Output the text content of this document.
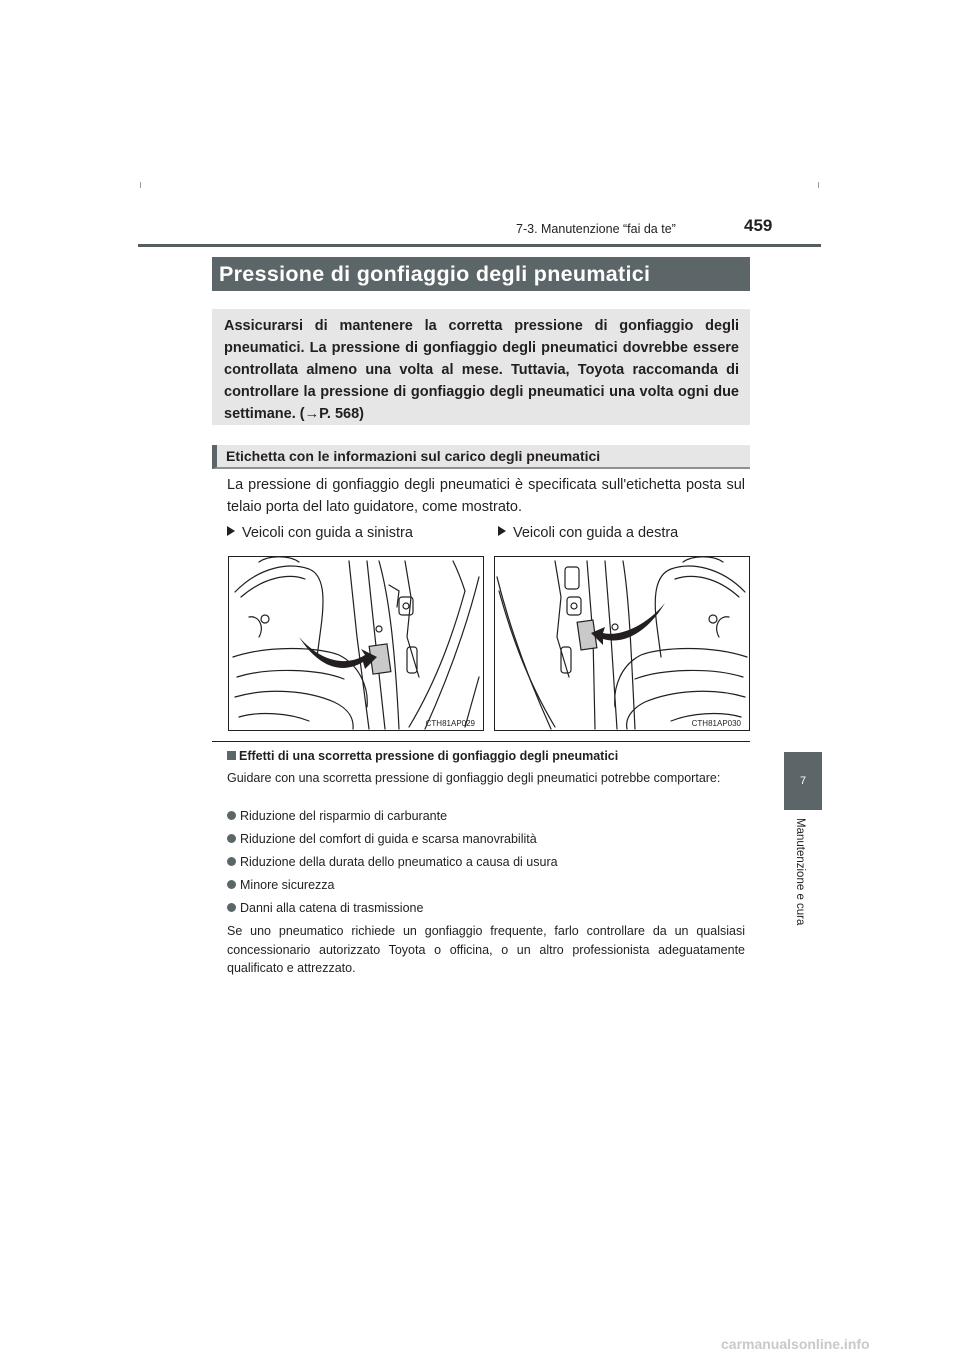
7-3. Manutenzione “fai da te”	459
7
Manutenzione e cura
Pressione di gonfiaggio degli pneumatici
Assicurarsi di mantenere la corretta pressione di gonfiaggio degli pneumatici. La pressione di gonfiaggio degli pneumatici dovrebbe essere controllata almeno una volta al mese. Tuttavia, Toyota raccomanda di controllare la pressione di gonfiaggio degli pneumatici una volta ogni due settimane. (→P. 568)
Etichetta con le informazioni sul carico degli pneumatici
La pressione di gonfiaggio degli pneumatici è specificata sull'etichetta posta sul telaio porta del lato guidatore, come mostrato.
Veicoli con guida a sinistra	Veicoli con guida a destra
CTH81AP029	CTH81AP030
Effetti di una scorretta pressione di gonfiaggio degli pneumatici
Guidare con una scorretta pressione di gonfiaggio degli pneumatici potrebbe comportare:
Riduzione del risparmio di carburante
Riduzione del comfort di guida e scarsa manovrabilità
Riduzione della durata dello pneumatico a causa di usura
Minore sicurezza
Danni alla catena di trasmissione
Se uno pneumatico richiede un gonfiaggio frequente, farlo controllare da un qualsiasi concessionario autorizzato Toyota o officina, o un altro professionista adeguatamente qualificato e attrezzato.
carmanualsonline.info
